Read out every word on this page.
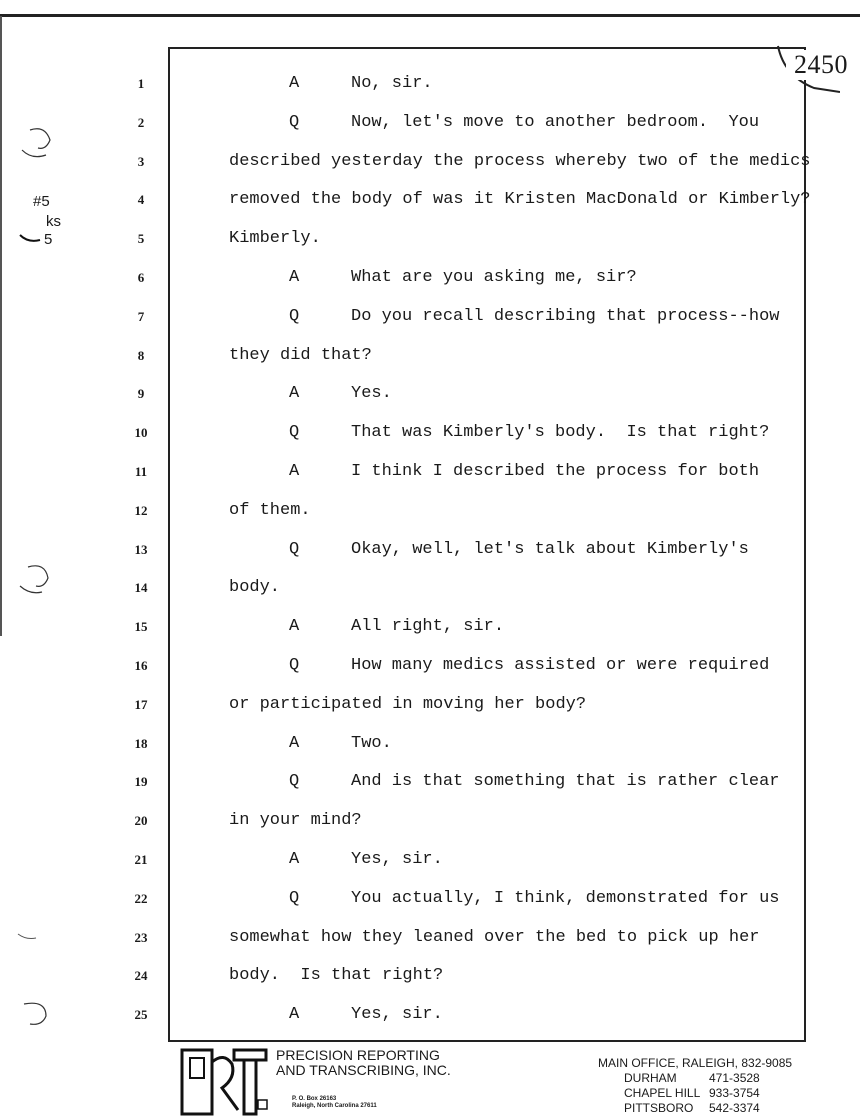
#5
ks
5
2450
1	A	No, sir.
2	Q	Now, let's move to another bedroom.  You
3	described yesterday the process whereby two of the medics
4	removed the body of was it Kristen MacDonald or Kimberly?
5	Kimberly.
6	A	What are you asking me, sir?
7	Q	Do you recall describing that process--how
8	they did that?
9	A	Yes.
10	Q	That was Kimberly's body.  Is that right?
11	A	I think I described the process for both
12	of them.
13	Q	Okay, well, let's talk about Kimberly's
14	body.
15	A	All right, sir.
16	Q	How many medics assisted or were required
17	or participated in moving her body?
18	A	Two.
19	Q	And is that something that is rather clear
20	in your mind?
21	A	Yes, sir.
22	Q	You actually, I think, demonstrated for us
23	somewhat how they leaned over the bed to pick up her
24	body.  Is that right?
25	A	Yes, sir.
PRECISION REPORTING
AND TRANSCRIBING, INC.
P. O. Box 26163
Raleigh, North Carolina 27611
MAIN OFFICE, RALEIGH, 832-9085
DURHAM	471-3528
CHAPEL HILL 933-3754
PITTSBORO 542-3374
